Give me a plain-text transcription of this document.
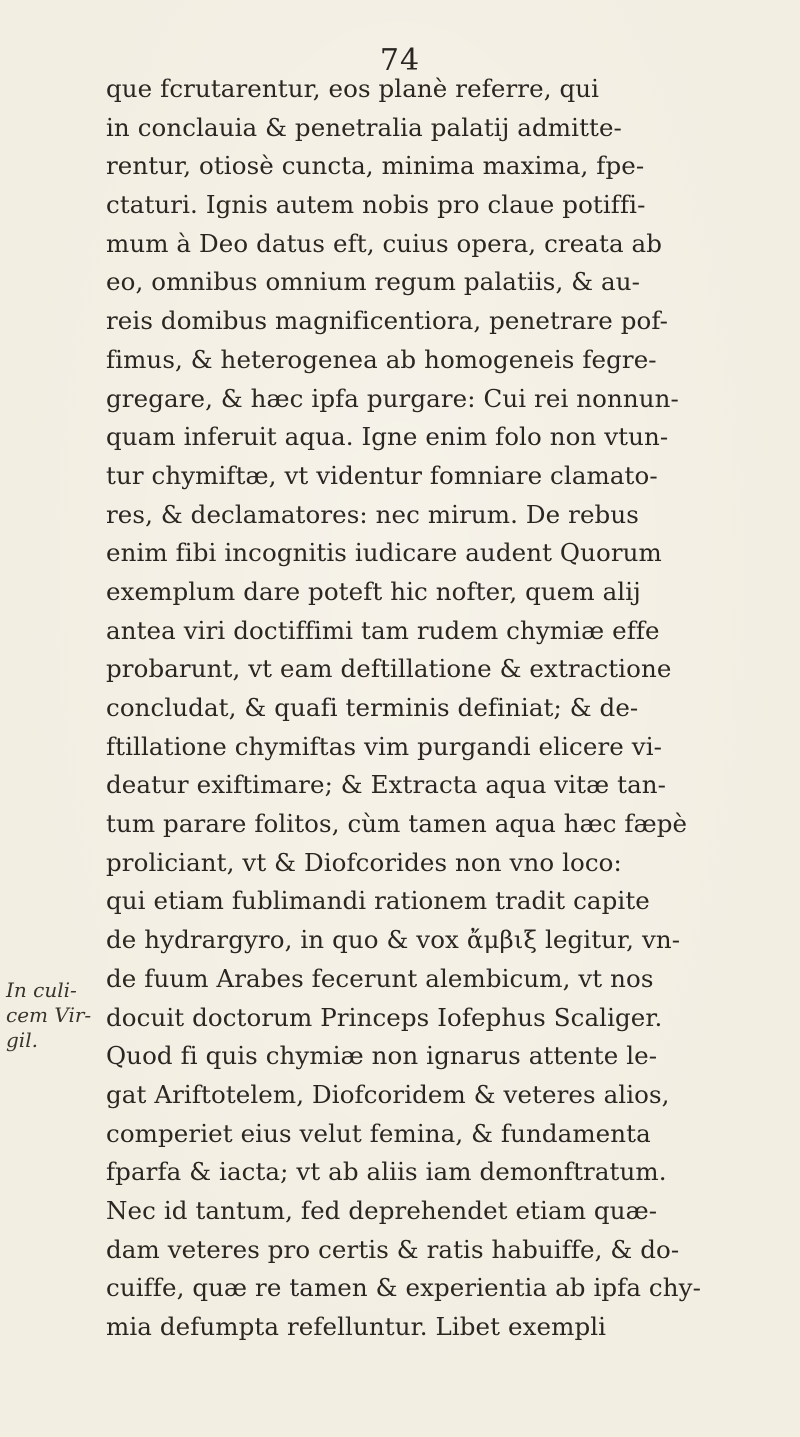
74
que fcrutarentur, eos planè referre, qui
in conclauia & penetralia palatij admitte-
rentur, otiosè cuncta, minima maxima, fpe-
ctaturi. Ignis autem nobis pro claue potiffi-
mum à Deo datus eft, cuius opera, creata ab
eo, omnibus omnium regum palatiis, & au-
reis domibus magnificentiora, penetrare pof-
fimus, & heterogenea ab homogeneis fegre-
gregare, & hæc ipfa purgare: Cui rei nonnun-
quam inferuit aqua. Igne enim folo non vtun-
tur chymiftæ, vt videntur fomniare clamato-
res, & declamatores: nec mirum. De rebus
enim fibi incognitis iudicare audent Quorum
exemplum dare poteft hic nofter, quem alij
antea viri doctiffimi tam rudem chymiæ effe
probarunt, vt eam deftillatione & extractione
concludat, & quafi terminis definiat; & de-
ftillatione chymiftas vim purgandi elicere vi-
deatur exiftimare; & Extracta aqua vitæ tan-
tum parare folitos, cùm tamen aqua hæc fæpè
proliciant, vt & Diofcorides non vno loco:
qui etiam fublimandi rationem tradit capite
de hydrargyro, in quo & vox ἄμβιξ legitur, vn-
de fuum Arabes fecerunt alembicum, vt nos
docuit doctorum Princeps Iofephus Scaliger.
Quod fi quis chymiæ non ignarus attente le-
gat Ariftotelem, Diofcoridem & veteres alios,
comperiet eius velut femina, & fundamenta
fparfa & iacta; vt ab aliis iam demonftratum.
Nec id tantum, fed deprehendet etiam quæ-
dam veteres pro certis & ratis habuiffe, & do-
cuiffe, quæ re tamen & experientia ab ipfa chy-
mia defumpta refelluntur. Libet exempli
In culi-
cem Vir-
gil.
